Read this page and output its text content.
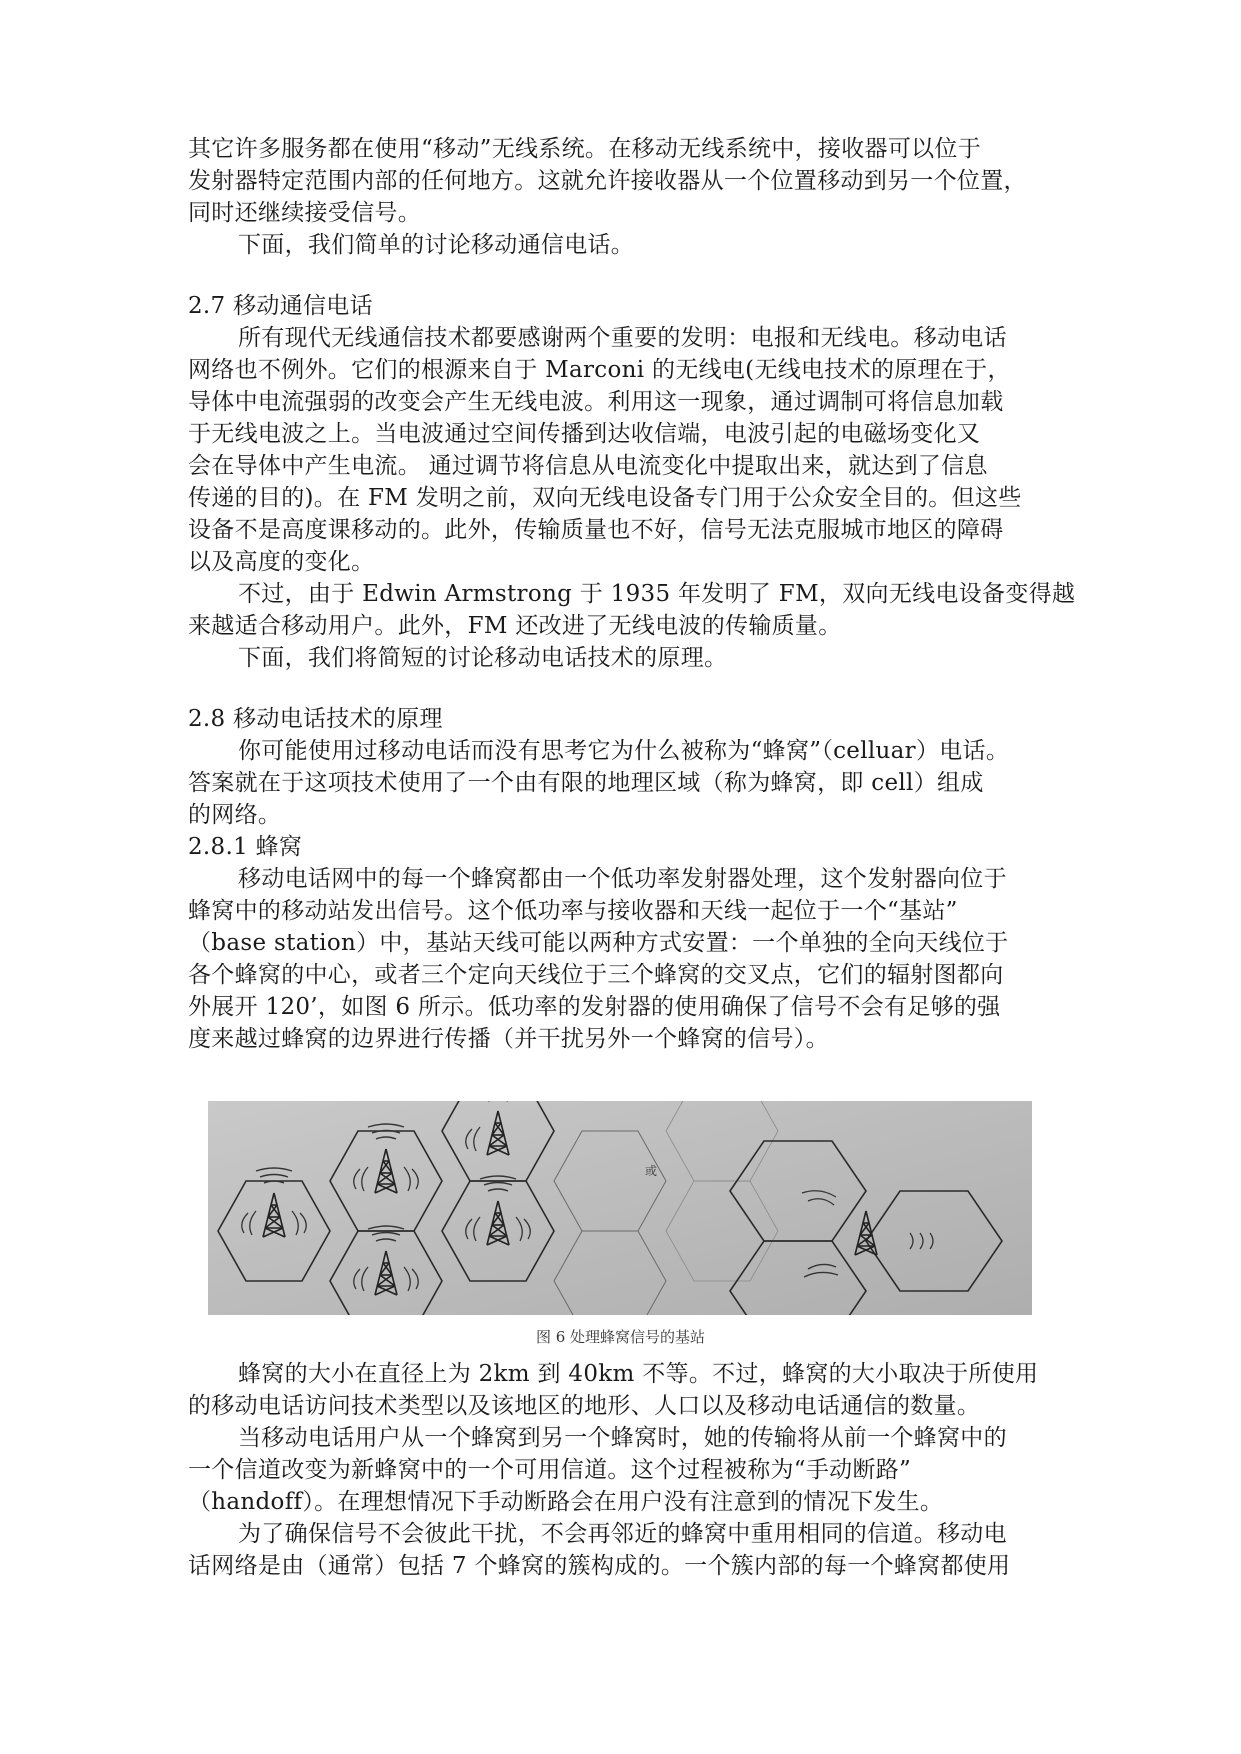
其它许多服务都在使用“移动”无线系统。在移动无线系统中，接收器可以位于
发射器特定范围内部的任何地方。这就允许接收器从一个位置移动到另一个位置，
同时还继续接受信号。
下面，我们简单的讨论移动通信电话。
2.7 移动通信电话
所有现代无线通信技术都要感谢两个重要的发明：电报和无线电。移动电话
网络也不例外。它们的根源来自于 Marconi 的无线电(无线电技术的原理在于，
导体中电流强弱的改变会产生无线电波。利用这一现象，通过调制可将信息加载
于无线电波之上。当电波通过空间传播到达收信端，电波引起的电磁场变化又
会在导体中产生电流。 通过调节将信息从电流变化中提取出来，就达到了信息
传递的目的)。在 FM 发明之前，双向无线电设备专门用于公众安全目的。但这些
设备不是高度课移动的。此外，传输质量也不好，信号无法克服城市地区的障碍
以及高度的变化。
不过，由于 Edwin Armstrong 于 1935 年发明了 FM，双向无线电设备变得越
来越适合移动用户。此外，FM 还改进了无线电波的传输质量。
下面，我们将简短的讨论移动电话技术的原理。
2.8 移动电话技术的原理
你可能使用过移动电话而没有思考它为什么被称为“蜂窝”（celluar）电话。
答案就在于这项技术使用了一个由有限的地理区域（称为蜂窝，即 cell）组成
的网络。
2.8.1 蜂窝
移动电话网中的每一个蜂窝都由一个低功率发射器处理，这个发射器向位于
蜂窝中的移动站发出信号。这个低功率与接收器和天线一起位于一个“基站”
（base station）中，基站天线可能以两种方式安置：一个单独的全向天线位于
各个蜂窝的中心，或者三个定向天线位于三个蜂窝的交叉点，它们的辐射图都向
外展开 120’，如图 6 所示。低功率的发射器的使用确保了信号不会有足够的强
度来越过蜂窝的边界进行传播（并干扰另外一个蜂窝的信号）。
或
图 6 处理蜂窝信号的基站
蜂窝的大小在直径上为 2km 到 40km 不等。不过，蜂窝的大小取决于所使用
的移动电话访问技术类型以及该地区的地形、人口以及移动电话通信的数量。
当移动电话用户从一个蜂窝到另一个蜂窝时，她的传输将从前一个蜂窝中的
一个信道改变为新蜂窝中的一个可用信道。这个过程被称为“手动断路”
（handoff）。在理想情况下手动断路会在用户没有注意到的情况下发生。
为了确保信号不会彼此干扰，不会再邻近的蜂窝中重用相同的信道。移动电
话网络是由（通常）包括 7 个蜂窝的簇构成的。一个簇内部的每一个蜂窝都使用
